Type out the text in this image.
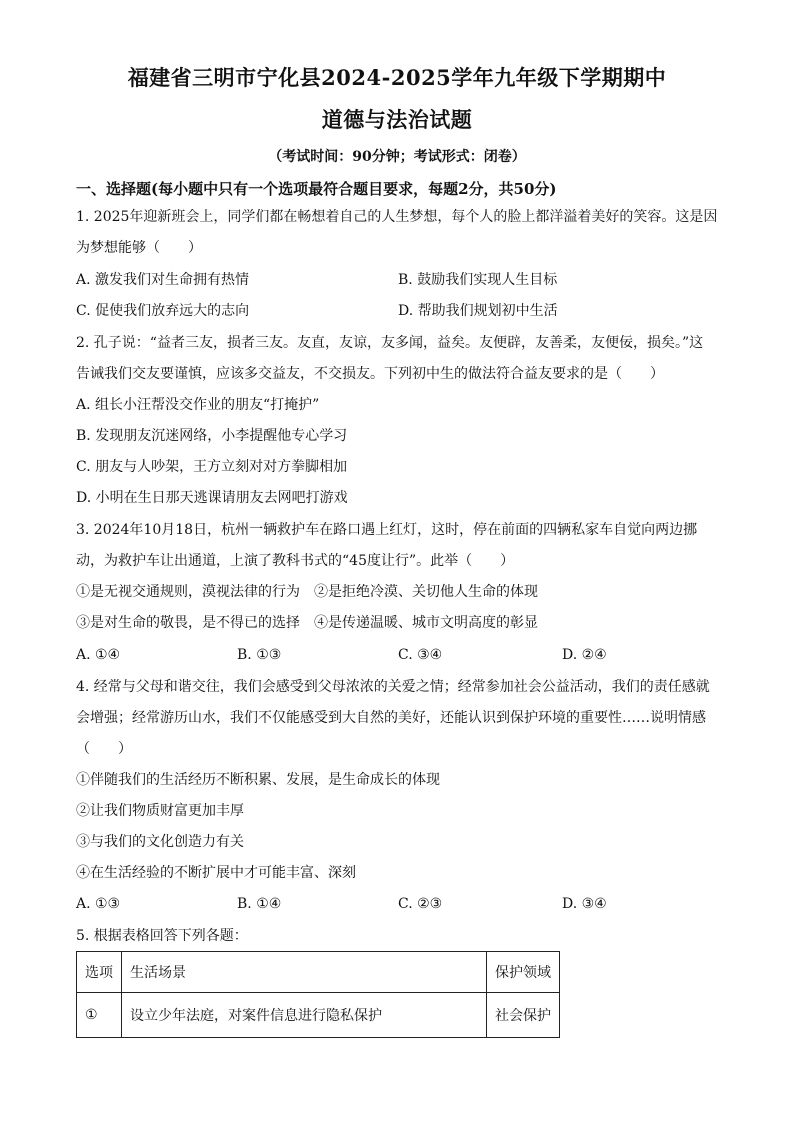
福建省三明市宁化县2024-2025学年九年级下学期期中
道德与法治试题
（考试时间：90分钟；考试形式：闭卷）
一、选择题(每小题中只有一个选项最符合题目要求，每题2分，共50分)
1. 2025年迎新班会上，同学们都在畅想着自己的人生梦想，每个人的脸上都洋溢着美好的笑容。这是因
为梦想能够（　　）
A. 激发我们对生命拥有热情	B. 鼓励我们实现人生目标
C. 促使我们放弃远大的志向	D. 帮助我们规划初中生活
2. 孔子说：“益者三友，损者三友。友直，友谅，友多闻，益矣。友便辟，友善柔，友便佞，损矣。”这
告诫我们交友要谨慎，应该多交益友，不交损友。下列初中生的做法符合益友要求的是（　　）
A. 组长小汪帮没交作业的朋友“打掩护”
B. 发现朋友沉迷网络，小李提醒他专心学习
C. 朋友与人吵架，王方立刻对对方拳脚相加
D. 小明在生日那天逃课请朋友去网吧打游戏
3. 2024年10月18日，杭州一辆救护车在路口遇上红灯，这时，停在前面的四辆私家车自觉向两边挪
动，为救护车让出通道，上演了教科书式的“45度让行”。此举（　　）
①是无视交通规则，漠视法律的行为　②是拒绝冷漠、关切他人生命的体现
③是对生命的敬畏，是不得已的选择　④是传递温暖、城市文明高度的彰显
A. ①④	B. ①③	C. ③④	D. ②④
4. 经常与父母和谐交往，我们会感受到父母浓浓的关爱之情；经常参加社会公益活动，我们的责任感就
会增强；经常游历山水，我们不仅能感受到大自然的美好，还能认识到保护环境的重要性……说明情感
（　　）
①伴随我们的生活经历不断积累、发展，是生命成长的体现
②让我们物质财富更加丰厚
③与我们的文化创造力有关
④在生活经验的不断扩展中才可能丰富、深刻
A. ①③	B. ①④	C. ②③	D. ③④
5. 根据表格回答下列各题：
选项	生活场景	保护领域
①	设立少年法庭，对案件信息进行隐私保护	社会保护
